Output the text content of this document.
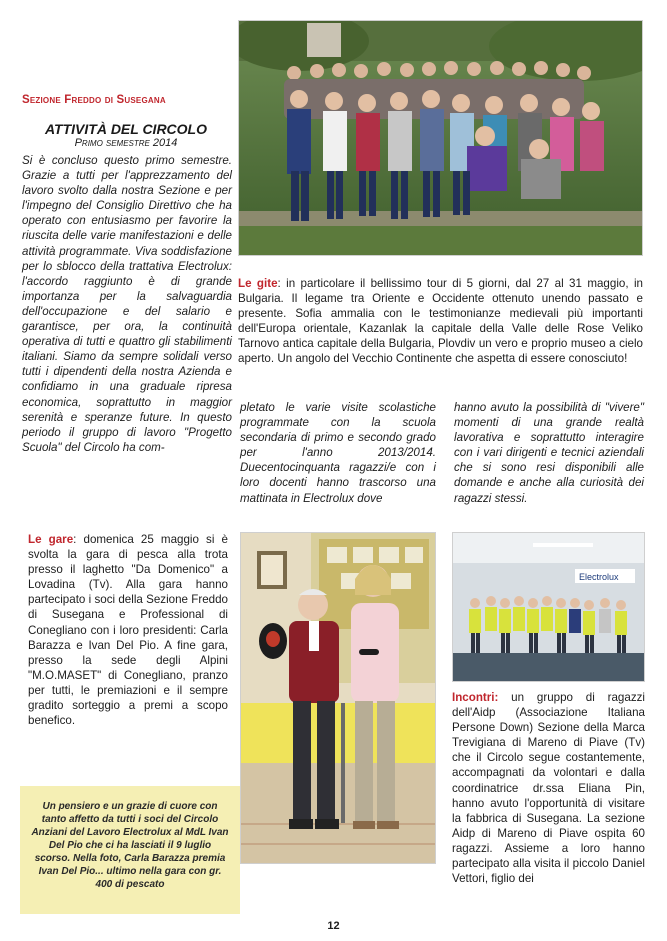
Sezione Freddo di Susegana
ATTIVITÀ DEL CIRCOLO
Primo semestre 2014
Si è concluso questo primo semestre. Grazie a tutti per l'apprezzamento del lavoro svolto dalla nostra Sezione e per l'impegno del Consiglio Direttivo che ha operato con entusiasmo per favorire la riuscita delle varie manifestazioni e delle attività programmate. Viva soddisfazione per lo sblocco della trattativa Electrolux: l'accordo raggiunto è di grande importanza per la salvaguardia dell'occupazione e del salario e garantisce, per ora, la continuità operativa di tutti e quattro gli stabilimenti italiani. Siamo da sempre solidali verso tutti i dipendenti della nostra Azienda e confidiamo in una graduale ripresa economica, soprattutto in maggior serenità e speranze future. In questo periodo il gruppo di lavoro "Progetto Scuola" del Circolo ha com-
Le gite: in particolare il bellissimo tour di 5 giorni, dal 27 al 31 maggio, in Bulgaria. Il legame tra Oriente e Occidente ottenuto unendo passato e presente. Sofia ammalia con le testimonianze medievali più importanti dell'Europa orientale, Kazanlak la capitale della Valle delle Rose Veliko Tarnovo antica capitale della Bulgaria, Plovdiv un vero e proprio museo a cielo aperto. Un angolo del Vecchio Continente che aspetta di essere conosciuto!
pletato le varie visite scolastiche programmate con la scuola secondaria di primo e secondo grado per l'anno 2013/2014. Duecentocinquanta ragazzi/e con i loro docenti hanno trascorso una mattinata in Electrolux dove
hanno avuto la possibilità di "vivere" momenti di una grande realtà lavorativa e soprattutto interagire con i vari dirigenti e tecnici aziendali che si sono resi disponibili alle domande e anche alla curiosità dei ragazzi stessi.
Le gare: domenica 25 maggio si è svolta la gara di pesca alla trota presso il laghetto "Da Domenico" a Lovadina (Tv). Alla gara hanno partecipato i soci della Sezione Freddo di Susegana e Professional di Conegliano con i loro presidenti: Carla Barazza e Ivan Del Pio. A fine gara, presso la sede degli Alpini "M.O.MASET" di Conegliano, pranzo per tutti, le premiazioni e il sempre gradito sorteggio a premi a scopo benefico.
Un pensiero e un grazie di cuore con tanto affetto da tutti i soci del Circolo Anziani del Lavoro Electrolux al MdL Ivan Del Pio che ci ha lasciati il 9 luglio scorso. Nella foto, Carla Barazza premia Ivan Del Pio... ultimo nella gara con gr. 400 di pescato
Electrolux
Incontri: un gruppo di ragazzi dell'Aidp (Associazione Italiana Persone Down) Sezione della Marca Trevigiana di Mareno di Piave (Tv) che il Circolo segue costantemente, accompagnati da volontari e dalla coordinatrice dr.ssa Eliana Pin, hanno avuto l'opportunità di visitare la fabbrica di Susegana. La sezione Aidp di Mareno di Piave ospita 60 ragazzi. Assieme a loro hanno partecipato alla visita il piccolo Daniel Vettori, figlio dei
12
